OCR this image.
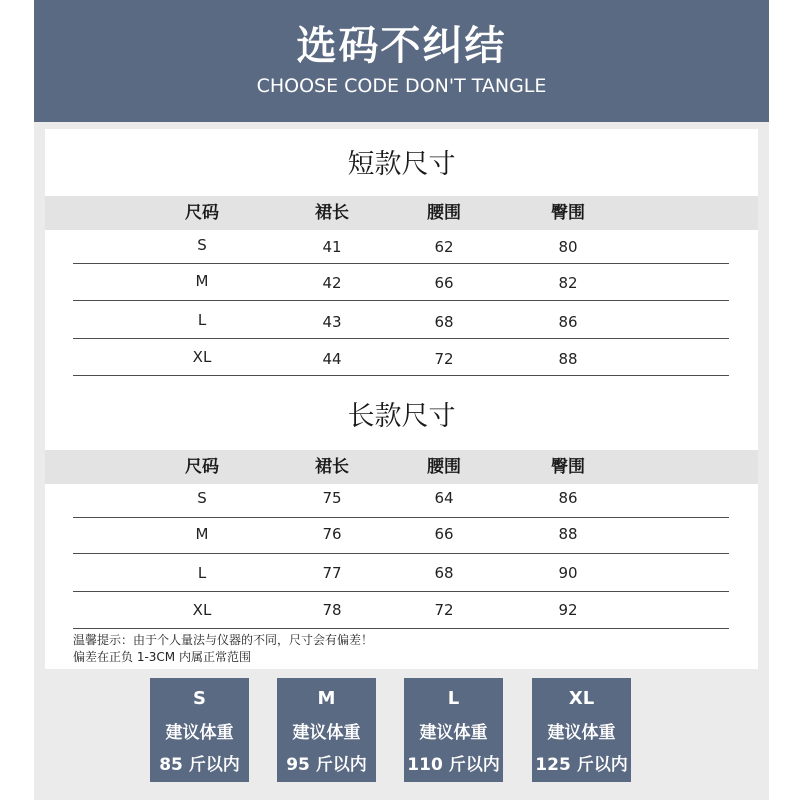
选码不纠结
CHOOSE CODE DON'T TANGLE
短款尺寸
尺码	裙长	腰围	臀围
S	41	62	80
M	42	66	82
L	43	68	86
XL	44	72	88
长款尺寸
尺码	裙长	腰围	臀围
S	75	64	86
M	76	66	88
L	77	68	90
XL	78	72	92
温馨提示：由于个人量法与仪器的不同，尺寸会有偏差！
偏差在正负 1-3CM 内属正常范围
S
建议体重
85 斤以内
M
建议体重
95 斤以内
L
建议体重
110 斤以内
XL
建议体重
125 斤以内
